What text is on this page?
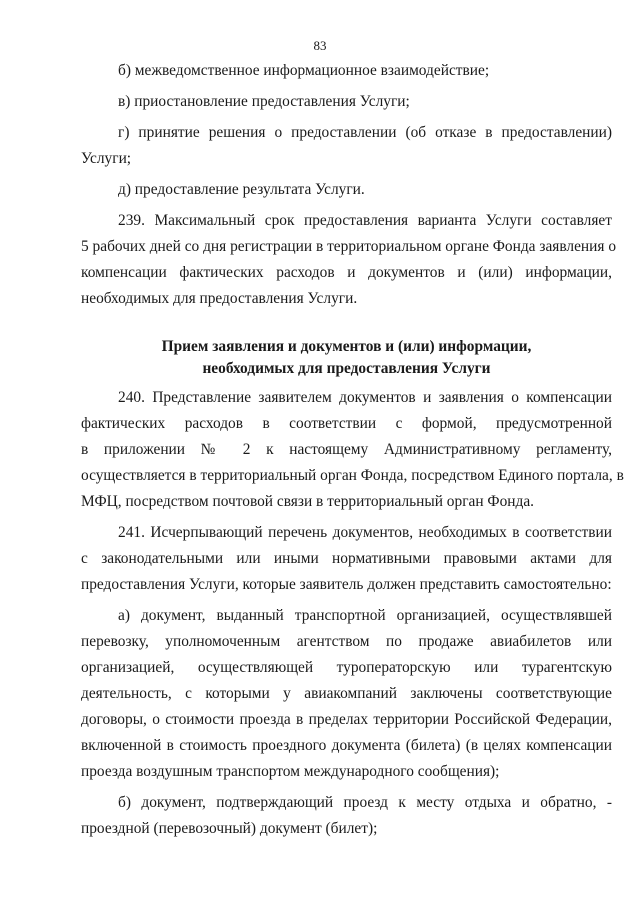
83
б) межведомственное информационное взаимодействие;
в) приостановление предоставления Услуги;
г) принятие решения о предоставлении (об отказе в предоставлении)
Услуги;
д) предоставление результата Услуги.
239. Максимальный срок предоставления варианта Услуги составляет
5 рабочих дней со дня регистрации в территориальном органе Фонда заявления о
компенсации фактических расходов и документов и (или) информации,
необходимых для предоставления Услуги.
Прием заявления и документов и (или) информации,
необходимых для предоставления Услуги
240. Представление заявителем документов и заявления о компенсации
фактических расходов в соответствии с формой, предусмотренной
в приложении № 2 к настоящему Административному регламенту,
осуществляется в территориальный орган Фонда, посредством Единого портала, в
МФЦ, посредством почтовой связи в территориальный орган Фонда.
241. Исчерпывающий перечень документов, необходимых в соответствии
с законодательными или иными нормативными правовыми актами для
предоставления Услуги, которые заявитель должен представить самостоятельно:
а) документ, выданный транспортной организацией, осуществлявшей
перевозку, уполномоченным агентством по продаже авиабилетов или
организацией, осуществляющей туроператорскую или турагентскую
деятельность, с которыми у авиакомпаний заключены соответствующие
договоры, о стоимости проезда в пределах территории Российской Федерации,
включенной в стоимость проездного документа (билета) (в целях компенсации
проезда воздушным транспортом международного сообщения);
б) документ, подтверждающий проезд к месту отдыха и обратно, -
проездной (перевозочный) документ (билет);
